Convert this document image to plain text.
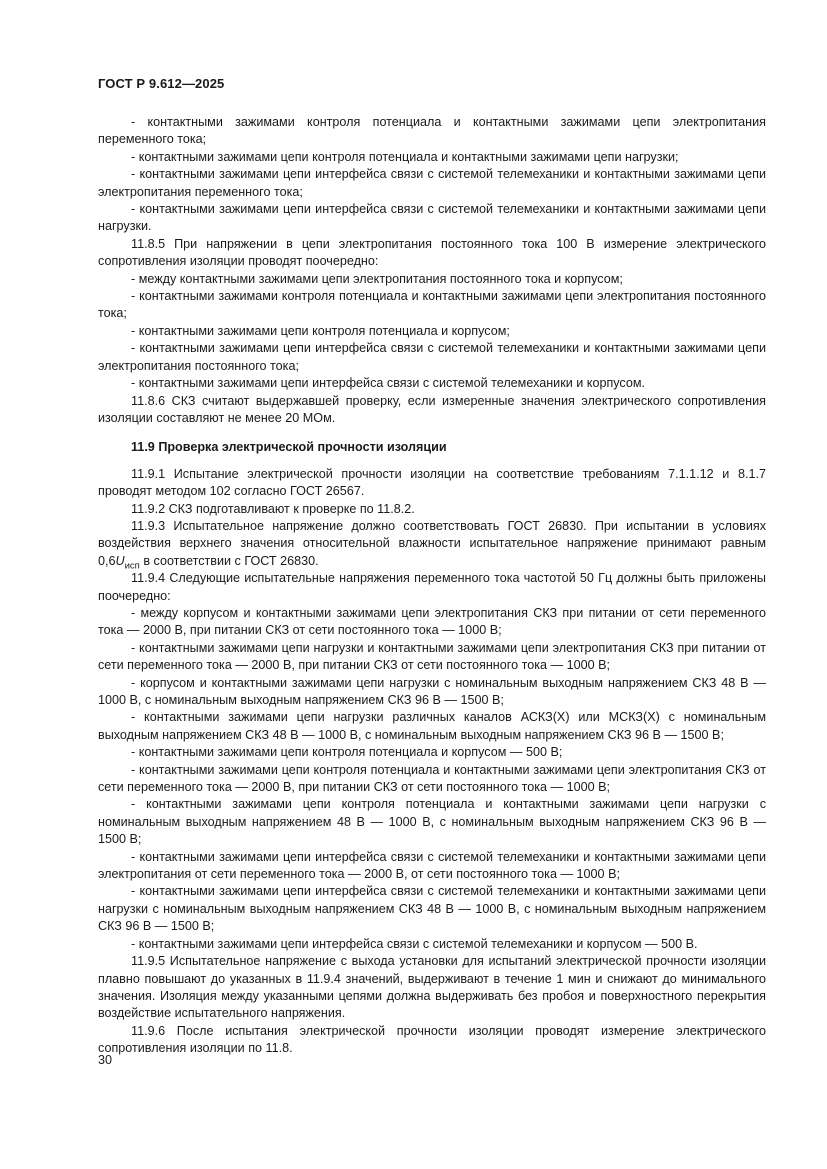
ГОСТ Р 9.612—2025

- контактными зажимами контроля потенциала и контактными зажимами цепи электропитания переменного тока;

- контактными зажимами цепи контроля потенциала и контактными зажимами цепи нагрузки;

- контактными зажимами цепи интерфейса связи с системой телемеханики и контактными зажимами цепи электропитания переменного тока;

- контактными зажимами цепи интерфейса связи с системой телемеханики и контактными зажимами цепи нагрузки.

11.8.5 При напряжении в цепи электропитания постоянного тока 100 В измерение электрического сопротивления изоляции проводят поочередно:

- между контактными зажимами цепи электропитания постоянного тока и корпусом;

- контактными зажимами контроля потенциала и контактными зажимами цепи электропитания постоянного тока;

- контактными зажимами цепи контроля потенциала и корпусом;

- контактными зажимами цепи интерфейса связи с системой телемеханики и контактными зажимами цепи электропитания постоянного тока;

- контактными зажимами цепи интерфейса связи с системой телемеханики и корпусом.

11.8.6 СКЗ считают выдержавшей проверку, если измеренные значения электрического сопротивления изоляции составляют не менее 20 МОм.

11.9 Проверка электрической прочности изоляции

11.9.1 Испытание электрической прочности изоляции на соответствие требованиям 7.1.1.12 и 8.1.7 проводят методом 102 согласно ГОСТ 26567.

11.9.2 СКЗ подготавливают к проверке по 11.8.2.

11.9.3 Испытательное напряжение должно соответствовать ГОСТ 26830. При испытании в условиях воздействия верхнего значения относительной влажности испытательное напряжение принимают равным $0,6U_{исп}$ в соответствии с ГОСТ 26830.

11.9.4 Следующие испытательные напряжения переменного тока частотой 50 Гц должны быть приложены поочередно:

- между корпусом и контактными зажимами цепи электропитания СКЗ при питании от сети переменного тока — 2000 В, при питании СКЗ от сети постоянного тока — 1000 В;

- контактными зажимами цепи нагрузки и контактными зажимами цепи электропитания СКЗ при питании от сети переменного тока — 2000 В, при питании СКЗ от сети постоянного тока — 1000 В;

- корпусом и контактными зажимами цепи нагрузки с номинальным выходным напряжением СКЗ 48 В — 1000 В, с номинальным выходным напряжением СКЗ 96 В — 1500 В;

- контактными зажимами цепи нагрузки различных каналов АСКЗ(Х) или МСКЗ(Х) с номинальным выходным напряжением СКЗ 48 В — 1000 В, с номинальным выходным напряжением СКЗ 96 В — 1500 В;

- контактными зажимами цепи контроля потенциала и корпусом — 500 В;

- контактными зажимами цепи контроля потенциала и контактными зажимами цепи электропитания СКЗ от сети переменного тока — 2000 В, при питании СКЗ от сети постоянного тока — 1000 В;

- контактными зажимами цепи контроля потенциала и контактными зажимами цепи нагрузки с номинальным выходным напряжением 48 В — 1000 В, с номинальным выходным напряжением СКЗ 96 В — 1500 В;

- контактными зажимами цепи интерфейса связи с системой телемеханики и контактными зажимами цепи электропитания от сети переменного тока — 2000 В, от сети постоянного тока — 1000 В;

- контактными зажимами цепи интерфейса связи с системой телемеханики и контактными зажимами цепи нагрузки с номинальным выходным напряжением СКЗ 48 В — 1000 В, с номинальным выходным напряжением СКЗ 96 В — 1500 В;

- контактными зажимами цепи интерфейса связи с системой телемеханики и корпусом — 500 В.

11.9.5 Испытательное напряжение с выхода установки для испытаний электрической прочности изоляции плавно повышают до указанных в 11.9.4 значений, выдерживают в течение 1 мин и снижают до минимального значения. Изоляция между указанными цепями должна выдерживать без пробоя и поверхностного перекрытия воздействие испытательного напряжения.

11.9.6 После испытания электрической прочности изоляции проводят измерение электрического сопротивления изоляции по 11.8.

30
